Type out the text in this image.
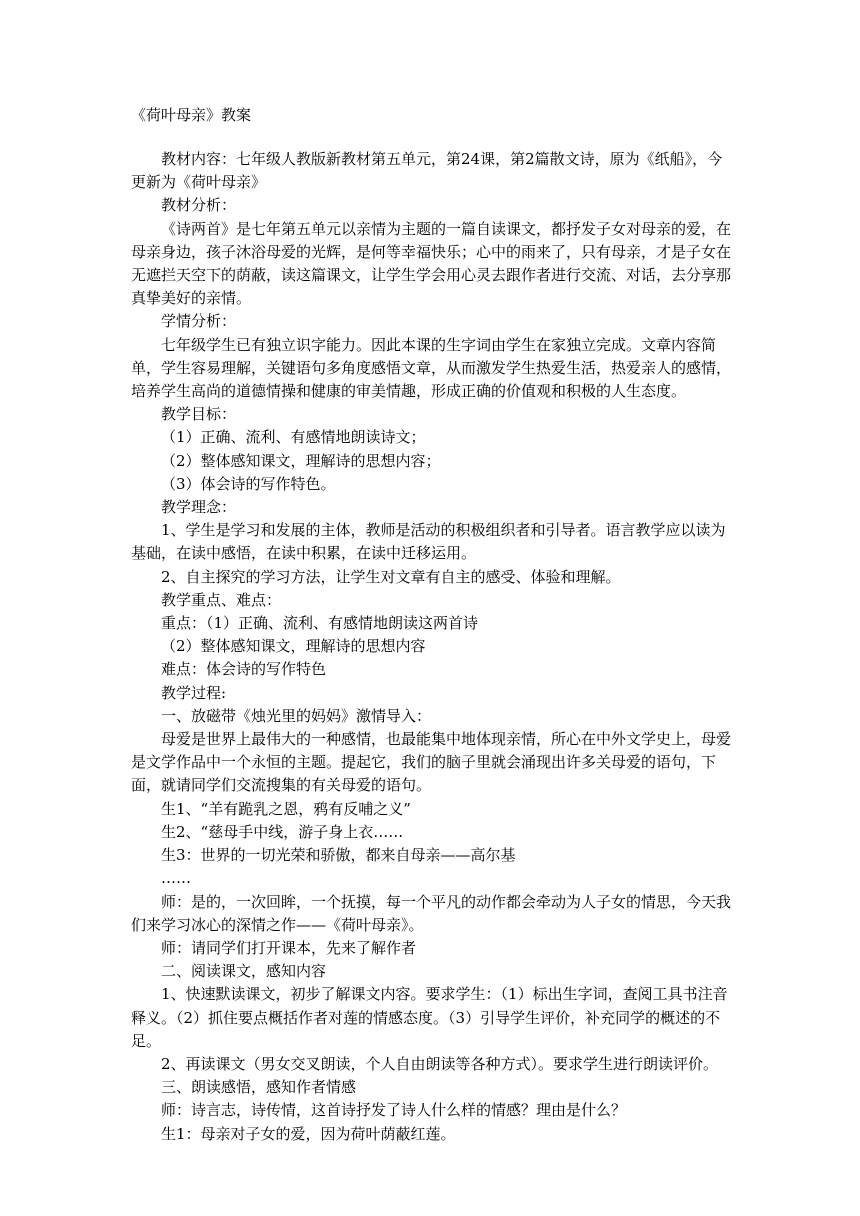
《荷叶母亲》教案

教材内容：七年级人教版新教材第五单元，第24课，第2篇散文诗，原为《纸船》，今更新为《荷叶母亲》

教材分析：

《诗两首》是七年第五单元以亲情为主题的一篇自读课文，都抒发子女对母亲的爱，在母亲身边，孩子沐浴母爱的光辉，是何等幸福快乐；心中的雨来了，只有母亲，才是子女在无遮拦天空下的荫蔽，读这篇课文，让学生学会用心灵去跟作者进行交流、对话，去分享那真挚美好的亲情。

学情分析：

七年级学生已有独立识字能力。因此本课的生字词由学生在家独立完成。文章内容简单，学生容易理解，关键语句多角度感悟文章，从而激发学生热爱生活，热爱亲人的感情，培养学生高尚的道德情操和健康的审美情趣，形成正确的价值观和积极的人生态度。

教学目标：

（1）正确、流利、有感情地朗读诗文；

（2）整体感知课文，理解诗的思想内容；

（3）体会诗的写作特色。

教学理念：

1、学生是学习和发展的主体，教师是活动的积极组织者和引导者。语言教学应以读为基础，在读中感悟，在读中积累，在读中迁移运用。

2、自主探究的学习方法，让学生对文章有自主的感受、体验和理解。

教学重点、难点：

重点：（1）正确、流利、有感情地朗读这两首诗

（2）整体感知课文，理解诗的思想内容

难点：体会诗的写作特色

教学过程:

一、放磁带《烛光里的妈妈》激情导入：

母爱是世界上最伟大的一种感情，也最能集中地体现亲情，所心在中外文学史上，母爱是文学作品中一个永恒的主题。提起它，我们的脑子里就会涌现出许多关母爱的语句，下面，就请同学们交流搜集的有关母爱的语句。

生1、“羊有跪乳之恩，鸦有反哺之义”

生2、“慈母手中线，游子身上衣……

生3：世界的一切光荣和骄傲，都来自母亲——高尔基

……

师：是的，一次回眸，一个抚摸，每一个平凡的动作都会牵动为人子女的情思，今天我们来学习冰心的深情之作——《荷叶母亲》。

师：请同学们打开课本，先来了解作者

二、阅读课文，感知内容

1、快速默读课文，初步了解课文内容。要求学生：（1）标出生字词，查阅工具书注音释义。（2）抓住要点概括作者对莲的情感态度。（3）引导学生评价，补充同学的概述的不足。

2、再读课文（男女交叉朗读，个人自由朗读等各种方式）。要求学生进行朗读评价。

三、朗读感悟，感知作者情感

师：诗言志，诗传情，这首诗抒发了诗人什么样的情感？理由是什么？

生1：母亲对子女的爱，因为荷叶荫蔽红莲。
